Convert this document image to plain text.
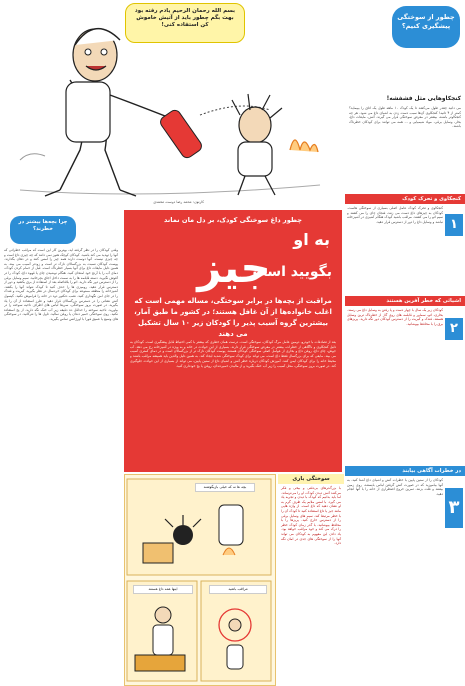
بسم الله رحمان الرحیم یادم رفته بود بهت بگم چطور باید از آتیش خاموش کن استفاده کنی!

کارتون: محمد رضا دوست محمدی

چطور از سوختگی پیشگیری کنیم؟

کنجکاوهایی مثل فشفشه!
می دانید چقدر طول می‌کشد تا یک کودک ۱۰ ماهه طول یک اتاق را بپیماید؟ کمتر از ۴ ثانیه! کنجکاوی آن‌ها سبب دست زدن به اشیای داغ می شود. هر چه کنجکاوتر باشند، بیشتر در معرض سوختگی قرار می گیرند. آتش، مایعات داغ، بخار، وسایل برقی، مواد شیمیایی و ... همه می توانند برای کودکان خطرناک باشند.
کنجکاوی و تحرک کودک
۱
کنجکاوی و تحرک کودک عامل اصلی بسیاری از سوختگی هاست. کودکان به چیزهای داغ دست می زنند، فنجان چای را می کشند و سیم اتو را می کشند. مراقب باشید کودک هنگام آشپزی در آشپزخانه نباشد و وسایل داغ را دور از دسترس قرار دهید.
اشیائی که خطر آفرین هستند
۲
کودکان زیر یک سال با چهار دست و پا رفتن به وسایل داغ می رسند. بخاری، اتو، سماور و قابلمه های روی گاز از خطرناک ترین وسایل هستند. فندک و کبریت را از دسترس کودکان دور نگه دارید. پریزهای برق را با محافظ بپوشانید.
در خطرات آگاهی بیابند
۳
کودکان را از سنین پایین با خطرات آتش و اشیای داغ آشنا کنید. به آنها بیاموزید که در صورت آتش گرفتن لباس بایستند، روی زمین بیفتند و غلت بزنند. تمرین خروج اضطراری از خانه را با آنها انجام دهید.
چطور داغ سوختگی کودک، بر دل مان نماند
به او
جیز
بگویید است
مراقبت از بچه‌ها در برابر سوختگی، مساله مهمی است که اغلب خانواده‌ها از آن غافل هستند؛ در کشور ما طبق آمار، بیشترین گروه آسیب پذیر را کودکان زیر ۱۰ سال تشکیل می دهند
بعد از تصادفات با خودرو، دومین عامل مرگ کودکان، سوختگی است. درست همان خطری که بیشتر با کمی احتیاط قابل پیشگیری است. کودکان به دلیل کنجکاوی و ناآگاهی از خطرات، بیشتر در معرض سوختگی قرار دارند. بسیاری از این حوادث در خانه و به ویژه در آشپزخانه رخ می دهد. آب جوش، چای داغ، روغن داغ و بخاری از عوامل اصلی سوختگی کودکان هستند. پوست کودکان نازک تر از بزرگسالان است و در دمای کمتری آسیب می بیند. مایعی که برای بزرگسال فقط داغ است، می تواند برای کودک سوختگی شدید ایجاد کند. به همین دلیل والدین باید همیشه مراقب باشند و محیط خانه را برای کودکان ایمن کنند. آموزش کودکان درباره خطر آتش و اشیای داغ از سنین پایین، می تواند از بسیاری از این حوادث جلوگیری کند. در صورت بروز سوختگی، محل آسیب را زیر آب خنک بگیرید و از مالیدن خمیردندان، روغن یا یخ خودداری کنید.

چرا بچه‌ها بیشتر در خطرند؟

وقتی کودکان را در نظر گرفته اید، بهترین کار این است که مراقب خطراتی که آنها را تهدید می کند باشید. کودکان کوچک هنوز نمی دانند که چه چیزی داغ است و چه چیزی نیست. آنها دوست دارند همه چیز را لمس کنند و در دهان بگذارند. پوست کودکان نسبت به بزرگسالان نازک تر است و زودتر آسیب می بیند. به همین دلیل مایعات داغ برای آنها بسیار خطرناک است. قبل از حمام کردن کودک، دمای آب را با آرنج خود امتحان کنید. هنگام نوشیدن چای یا قهوه داغ، کودک را در آغوش نگیرید. دسته قابلمه ها را به سمت داخل اجاق بچرخانید. سیم وسایل برقی را از دسترس دور نگه دارید. اتو را بلافاصله بعد از استفاده از برق بکشید و دور از دسترس قرار دهید. رومیزی ها را حذف کنید تا کودک نتواند آنها را بکشد. آشپزخانه را منطقه ممنوعه برای کودکان خردسال در نظر بگیرید. کبریت و فندک را در جای امن نگهداری کنید. نصب دتکتور دود در خانه را فراموش نکنید. کپسول آتش نشانی را در دسترس بزرگسالان قرار دهید و طرز استفاده از آن را یاد بگیرید. در صورت بروز سوختگی، سریعا لباس های اطراف ناحیه سوخته را در بیاورید. ناحیه سوخته را حداقل ده دقیقه زیر آب خنک نگه دارید. از یخ استفاده نکنید. روی سوختگی خمیر دندان یا روغن نمالید. تاول ها را نترکانید. در سوختگی های وسیع یا عمیق فورا با اورژانس تماس بگیرید.
سوختگی باری
با بزرگ‌ترهای بی‌دقتی و بیخی و فکر می‌کنند آتش دیدن کودک، او را می‌ترساند. اما باید بدانیم که کودک با دیدن و تجربه یاد می گیرد. با لمس ملایم یک ظرف گرم به او نشان دهید که داغ است. از واژه هایی مانند جیز یا داغ استفاده کنید تا کودک آن را با خطر مرتبط کند. سیم های وسایل برقی را از دسترس خارج کنید. پریزها را با محافظ بپوشانید. با گذر زمان کودک خطر را درک می کند و خود مراقب خواهد بود. یاد دادن این مفهوم به کودکان می تواند آنها را از سوختگی های جدی در امان نگه دارد.
بچه ها نه که خیلی بازیگوشند
اینها همه داغ هستند	مراقب باشید
